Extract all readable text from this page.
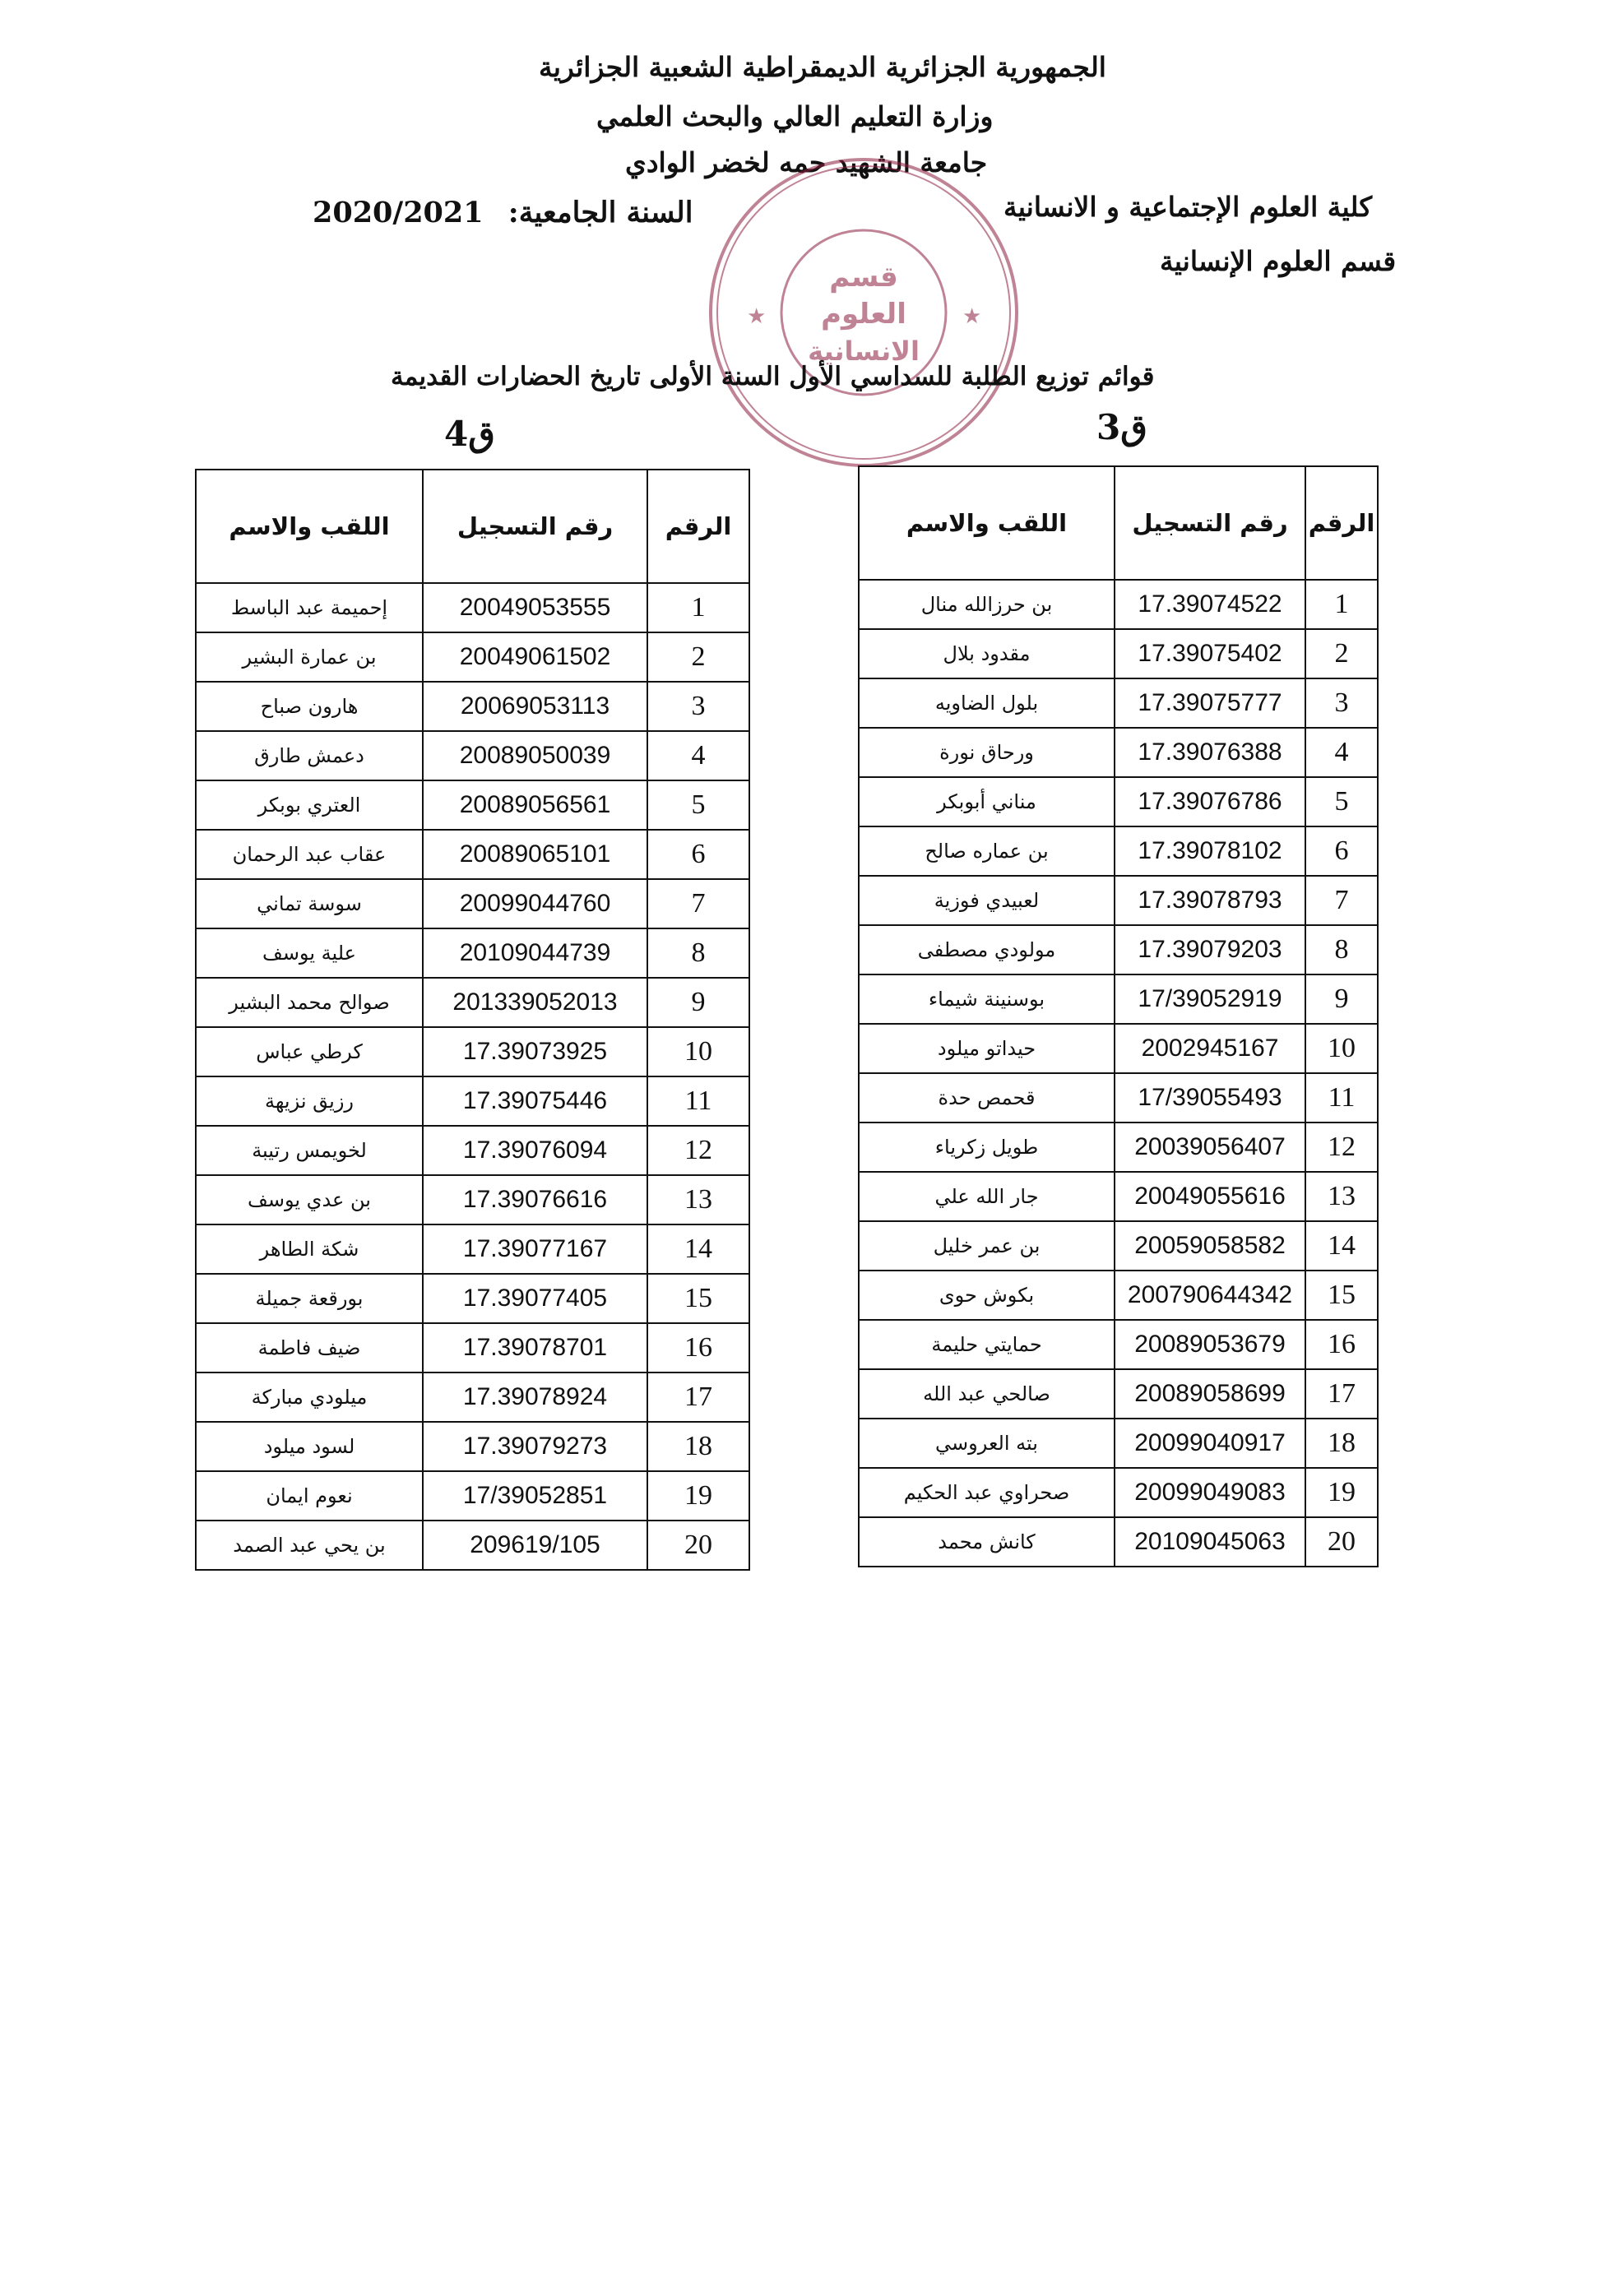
الجمهورية الجزائرية الديمقراطية الشعبية الجزائرية
وزارة التعليم العالي والبحث العلمي
جامعة الشهيد حمه لخضر الوادي
كلية العلوم الإجتماعية و الانسانية
قسم العلوم الإنسانية
السنة الجامعية: 2020/2021
قسم
العلوم
الانسانية
★	★
قوائم توزيع الطلبة للسداسي الأول السنة الأولى تاريخ الحضارات القديمة
ق3
ق4
الرقم	رقم التسجيل	اللقب والاسم
1	17.39074522	بن حرزالله منال
2	17.39075402	مقدود بلال
3	17.39075777	بلول الضاويه
4	17.39076388	ورحاق نورة
5	17.39076786	مناني أبوبكر
6	17.39078102	بن عماره صالح
7	17.39078793	لعبيدي فوزية
8	17.39079203	مولودي مصطفى
9	17/39052919	بوسنينة شيماء
10	2002945167	حيداتو ميلود
11	17/39055493	قحمص حدة
12	20039056407	طويل زكرياء
13	20049055616	جار الله علي
14	20059058582	بن عمر خليل
15	200790644342	بكوش حوى
16	20089053679	حمايتي حليمة
17	20089058699	صالحي عبد الله
18	20099040917	بته العروسي
19	20099049083	صحراوي عبد الحكيم
20	20109045063	كانش محمد
الرقم	رقم التسجيل	اللقب والاسم
1	20049053555	إحميمة عبد الباسط
2	20049061502	بن عمارة البشير
3	20069053113	هارون صباح
4	20089050039	دعمش طارق
5	20089056561	العتري بوبكر
6	20089065101	عقاب عبد الرحمان
7	20099044760	سوسة تماني
8	20109044739	علية يوسف
9	201339052013	صوالح محمد البشير
10	17.39073925	كرطي عباس
11	17.39075446	رزيق نزيهة
12	17.39076094	لخويمس رتيبة
13	17.39076616	بن عدي يوسف
14	17.39077167	شكة الطاهر
15	17.39077405	بورقعة جميلة
16	17.39078701	ضيف فاطمة
17	17.39078924	ميلودي مباركة
18	17.39079273	لسود ميلود
19	17/39052851	نعوم ايمان
20	209619/105	بن يحي عبد الصمد
